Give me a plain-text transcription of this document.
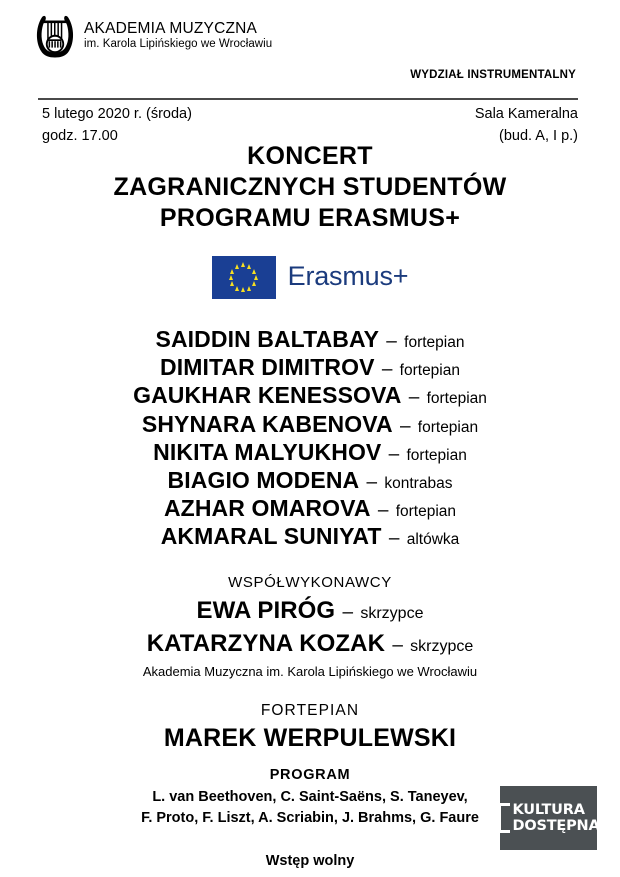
AKADEMIA MUZYCZNA
im. Karola Lipińskiego we Wrocławiu
WYDZIAŁ INSTRUMENTALNY
5 lutego 2020 r. (środa)
godz. 17.00
Sala Kameralna
(bud. A, I p.)
KONCERT
ZAGRANICZNYCH STUDENTÓW
PROGRAMU ERASMUS+
Erasmus+
SAIDDIN BALTABAY – fortepian
DIMITAR DIMITROV – fortepian
GAUKHAR KENESSOVA – fortepian
SHYNARA KABENOVA – fortepian
NIKITA MALYUKHOV – fortepian
BIAGIO MODENA – kontrabas
AZHAR OMAROVA – fortepian
AKMARAL SUNIYAT – altówka
WSPÓŁWYKONAWCY
EWA PIRÓG – skrzypce
KATARZYNA KOZAK – skrzypce
Akademia Muzyczna im. Karola Lipińskiego we Wrocławiu
FORTEPIAN
MAREK WERPULEWSKI
PROGRAM
L. van Beethoven, C. Saint-Saëns, S. Taneyev,
F. Proto, F. Liszt, A. Scriabin, J. Brahms, G. Faure
Wstęp wolny
KULTURA
DOSTĘPNA
